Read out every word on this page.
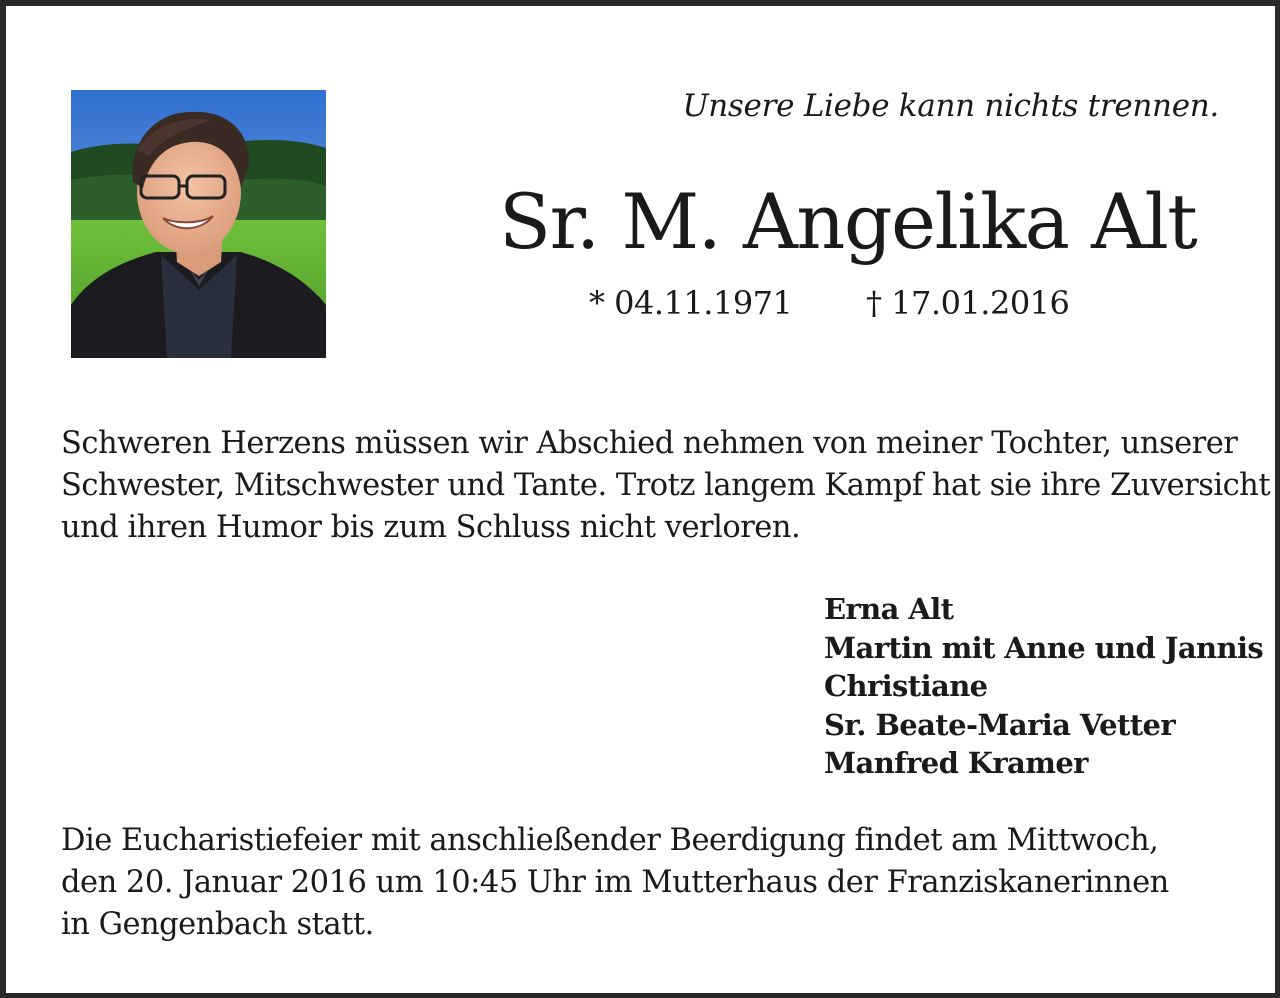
Unsere Liebe kann nichts trennen.
Sr. M. Angelika Alt
* 04.11.1971 † 17.01.2016
Schweren Herzens müssen wir Abschied nehmen von meiner Tochter, unserer
Schwester, Mitschwester und Tante. Trotz langem Kampf hat sie ihre Zuversicht
und ihren Humor bis zum Schluss nicht verloren.
Erna Alt
Martin mit Anne und Jannis
Christiane
Sr. Beate-Maria Vetter
Manfred Kramer
Die Eucharistiefeier mit anschließender Beerdigung findet am Mittwoch,
den 20. Januar 2016 um 10:45 Uhr im Mutterhaus der Franziskanerinnen
in Gengenbach statt.
